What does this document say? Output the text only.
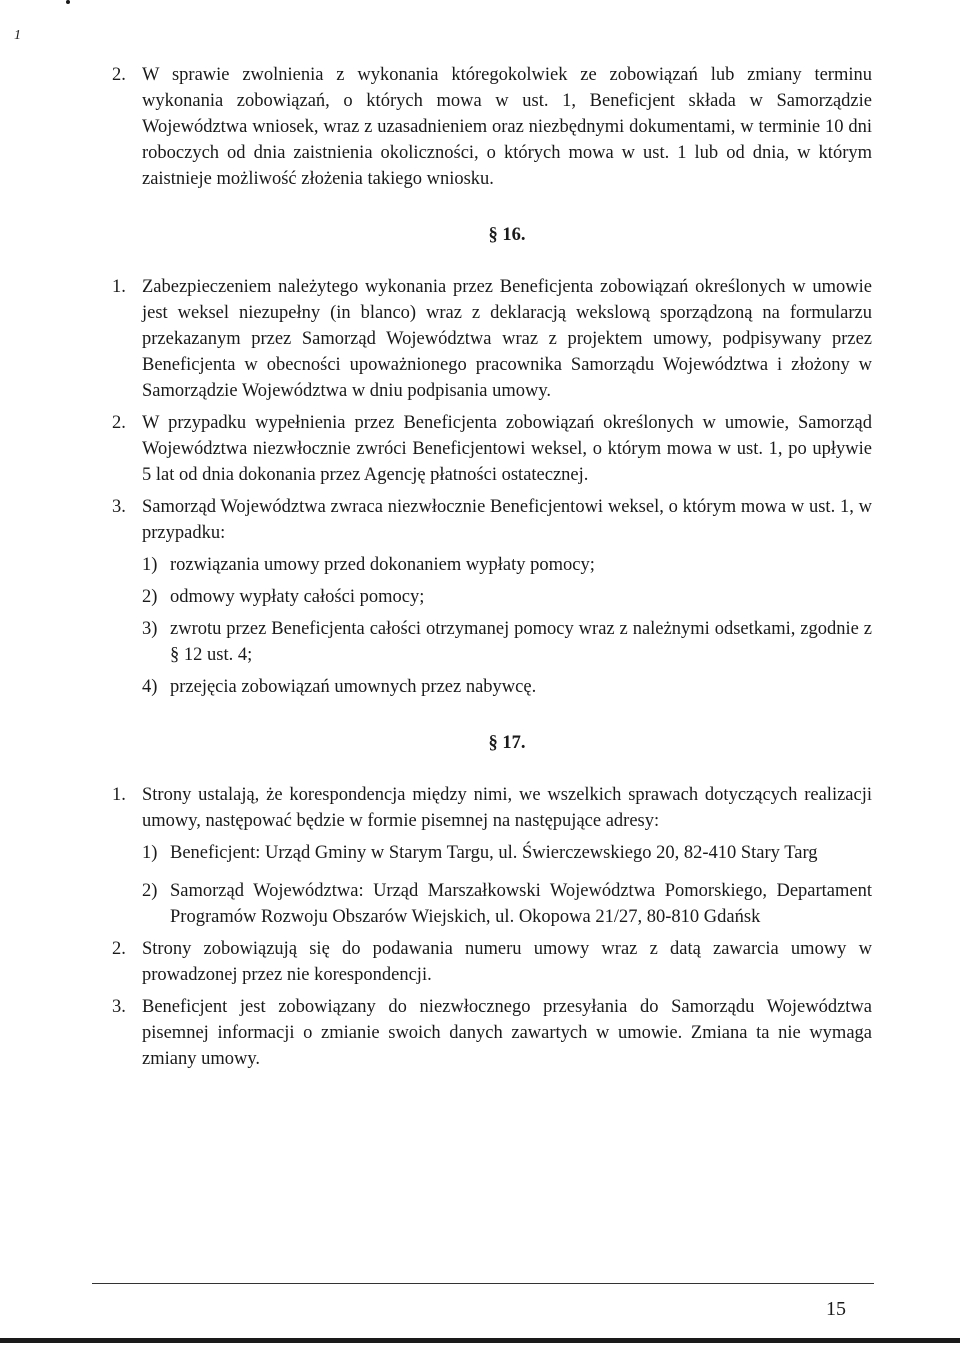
1
2. W sprawie zwolnienia z wykonania któregokolwiek ze zobowiązań lub zmiany terminu wykonania zobowiązań, o których mowa w ust. 1, Beneficjent składa w Samorządzie Województwa wniosek, wraz z uzasadnieniem oraz niezbędnymi dokumentami, w terminie 10 dni roboczych od dnia zaistnienia okoliczności, o których mowa w ust. 1 lub od dnia, w którym zaistnieje możliwość złożenia takiego wniosku.
§ 16.
1. Zabezpieczeniem należytego wykonania przez Beneficjenta zobowiązań określonych w umowie jest weksel niezupełny (in blanco) wraz z deklaracją wekslową sporządzoną na formularzu przekazanym przez Samorząd Województwa wraz z projektem umowy, podpisywany przez Beneficjenta w obecności upoważnionego pracownika Samorządu Województwa i złożony w Samorządzie Województwa w dniu podpisania umowy.
2. W przypadku wypełnienia przez Beneficjenta zobowiązań określonych w umowie, Samorząd Województwa niezwłocznie zwróci Beneficjentowi weksel, o którym mowa w ust. 1, po upływie 5 lat od dnia dokonania przez Agencję płatności ostatecznej.
3. Samorząd Województwa zwraca niezwłocznie Beneficjentowi weksel, o którym mowa w ust. 1, w przypadku:
1) rozwiązania umowy przed dokonaniem wypłaty pomocy;
2) odmowy wypłaty całości pomocy;
3) zwrotu przez Beneficjenta całości otrzymanej pomocy wraz z należnymi odsetkami, zgodnie z § 12 ust. 4;
4) przejęcia zobowiązań umownych przez nabywcę.
§ 17.
1. Strony ustalają, że korespondencja między nimi, we wszelkich sprawach dotyczących realizacji umowy, następować będzie w formie pisemnej na następujące adresy:
1) Beneficjent: Urząd Gminy w Starym Targu, ul. Świerczewskiego 20, 82-410 Stary Targ
2) Samorząd Województwa: Urząd Marszałkowski Województwa Pomorskiego, Departament Programów Rozwoju Obszarów Wiejskich, ul. Okopowa 21/27, 80-810 Gdańsk
2. Strony zobowiązują się do podawania numeru umowy wraz z datą zawarcia umowy w prowadzonej przez nie korespondencji.
3. Beneficjent jest zobowiązany do niezwłocznego przesyłania do Samorządu Województwa pisemnej informacji o zmianie swoich danych zawartych w umowie. Zmiana ta nie wymaga zmiany umowy.
15
